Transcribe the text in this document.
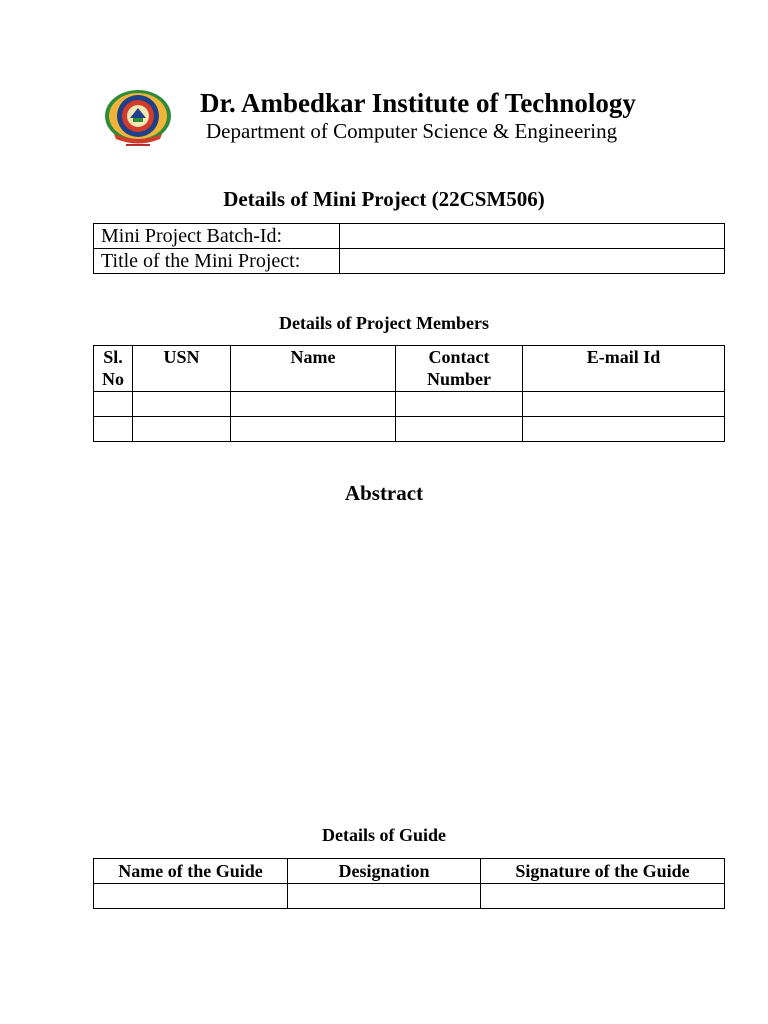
Dr. Ambedkar Institute of Technology
Department of Computer Science & Engineering
Details of Mini Project (22CSM506)
Mini Project Batch-Id:	
Title of the Mini Project:	
Details of Project Members
Sl. No	USN	Name	Contact Number	E-mail Id

Abstract
Details of Guide
Name of the Guide	Designation	Signature of the Guide
